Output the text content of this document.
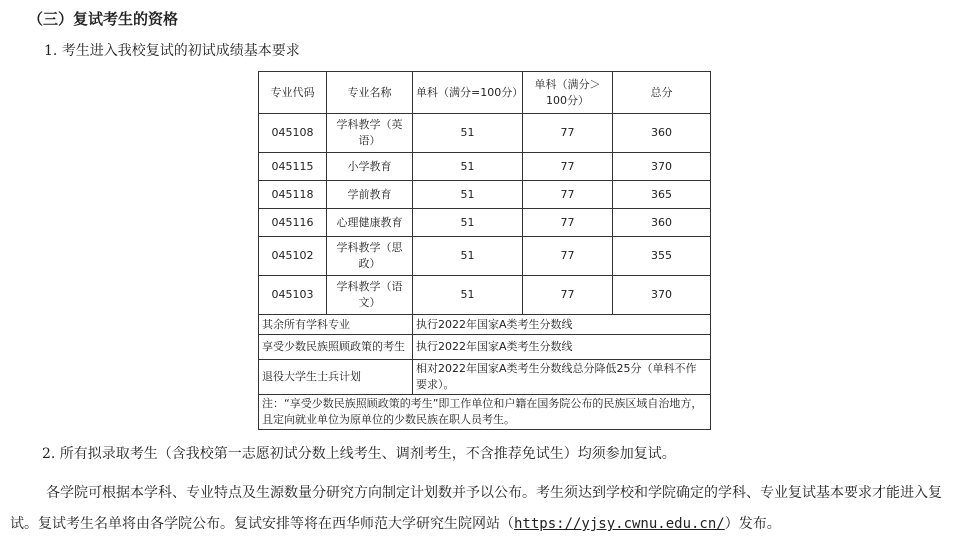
（三）复试考生的资格
1. 考生进入我校复试的初试成绩基本要求
专业代码	专业名称	单科（满分=100分）	单科（满分＞100分）	总分
045108	学科教学（英语）	51	77	360
045115	小学教育	51	77	370
045118	学前教育	51	77	365
045116	心理健康教育	51	77	360
045102	学科教学（思政）	51	77	355
045103	学科教学（语文）	51	77	370
其余所有学科专业		执行2022年国家A类考生分数线		
享受少数民族照顾政策的考生		执行2022年国家A类考生分数线		
退役大学生士兵计划		相对2022年国家A类考生分数线总分降低25分（单科不作要求）。		
注：“享受少数民族照顾政策的考生”即工作单位和户籍在国务院公布的民族区域自治地方，且定向就业单位为原单位的少数民族在职人员考生。				
2. 所有拟录取考生（含我校第一志愿初试分数上线考生、调剂考生，不含推荐免试生）均须参加复试。
各学院可根据本学科、专业特点及生源数量分研究方向制定计划数并予以公布。考生须达到学校和学院确定的学科、专业复试基本要求才能进入复试。复试考生名单将由各学院公布。复试安排等将在西华师范大学研究生院网站（https://yjsy.cwnu.edu.cn/）发布。
